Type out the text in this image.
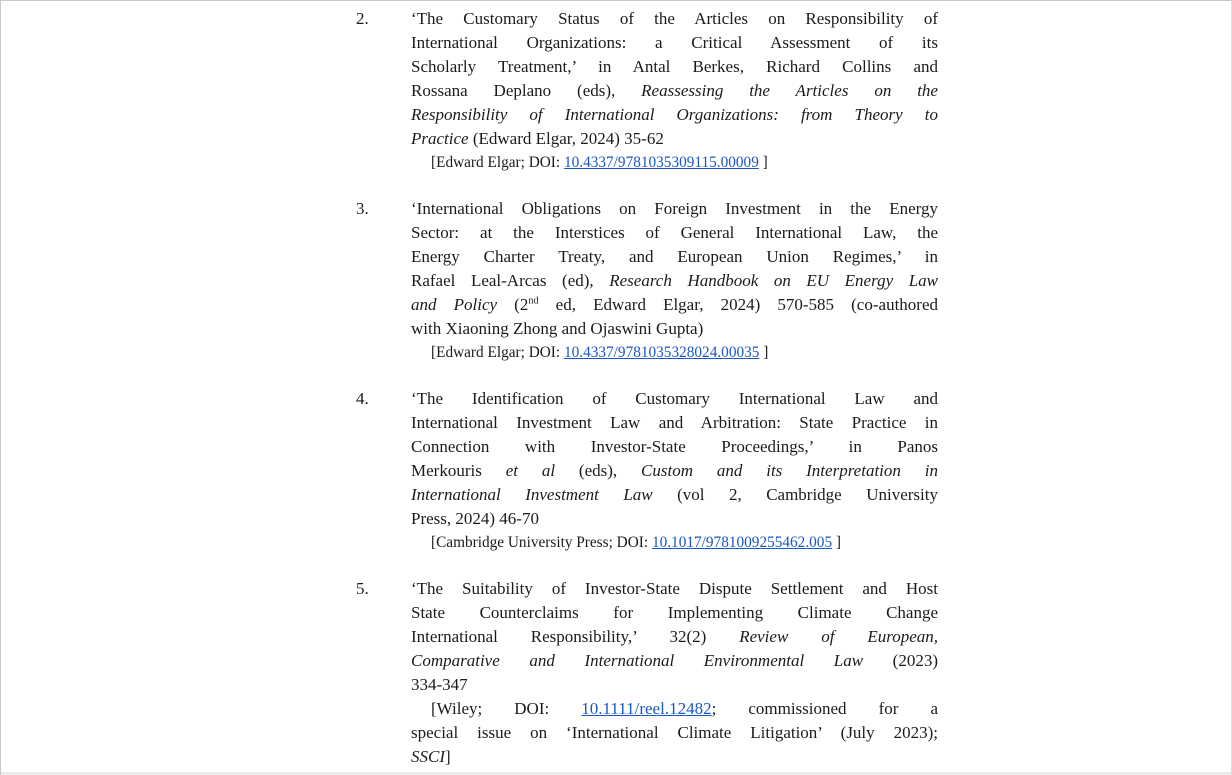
2.	‘The Customary Status of the Articles on Responsibility of
International Organizations: a Critical Assessment of its
Scholarly Treatment,’ in Antal Berkes, Richard Collins and
Rossana Deplano (eds), Reassessing the Articles on the
Responsibility of International Organizations: from Theory to
Practice (Edward Elgar, 2024) 35-62
[Edward Elgar; DOI: 10.4337/9781035309115.00009 ]
3.	‘International Obligations on Foreign Investment in the Energy
Sector: at the Interstices of General International Law, the
Energy Charter Treaty, and European Union Regimes,’ in
Rafael Leal-Arcas (ed), Research Handbook on EU Energy Law
and Policy (2nd ed, Edward Elgar, 2024) 570-585 (co-authored
with Xiaoning Zhong and Ojaswini Gupta)
[Edward Elgar; DOI: 10.4337/9781035328024.00035 ]
4.	‘The Identification of Customary International Law and
International Investment Law and Arbitration: State Practice in
Connection with Investor-State Proceedings,’ in Panos
Merkouris et al (eds), Custom and its Interpretation in
International Investment Law (vol 2, Cambridge University
Press, 2024) 46-70
[Cambridge University Press; DOI: 10.1017/9781009255462.005 ]
5.	‘The Suitability of Investor-State Dispute Settlement and Host
State Counterclaims for Implementing Climate Change
International Responsibility,’ 32(2) Review of European,
Comparative and International Environmental Law (2023)
334-347
[Wiley; DOI: 10.1111/reel.12482; commissioned for a
special issue on ‘International Climate Litigation’ (July 2023);
SSCI]
